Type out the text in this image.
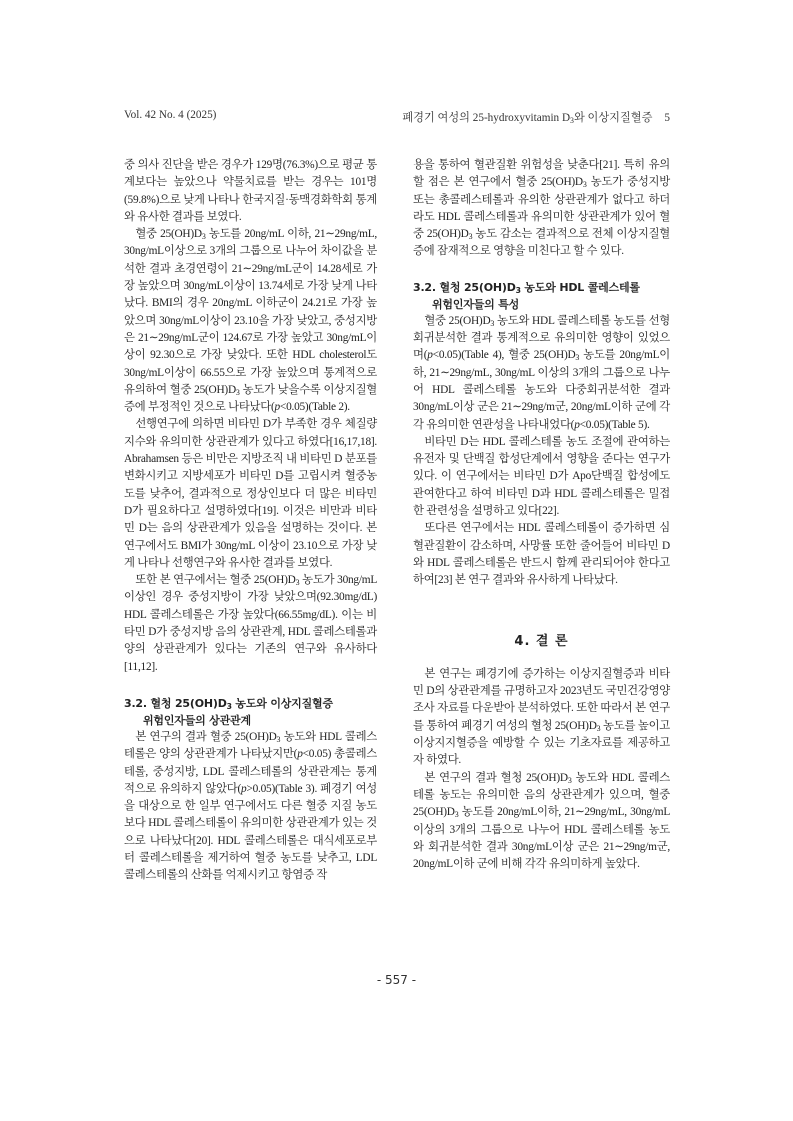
Vol. 42 No. 4 (2025)	폐경기 여성의 25-hydroxyvitamin $D_3$와 이상지질혈증 5

중 의사 진단을 받은 경우가 129명(76.3%)으로 평균 통계보다는 높았으나 약물치료를 받는 경우는 101명(59.8%)으로 낮게 나타나 한국지질·동맥경화학회 통계와 유사한 결과를 보였다.

혈중 $25(OH)D_3$ 농도를 20ng/mL 이하, 21∼29ng/mL, 30ng/mL이상으로 3개의 그룹으로 나누어 차이값을 분석한 결과 초경연령이 21∼29ng/mL군이 14.28세로 가장 높았으며 30ng/mL이상이 13.74세로 가장 낮게 나타났다. BMI의 경우 20ng/mL 이하군이 24.21로 가장 높았으며 30ng/mL이상이 23.10을 가장 낮았고, 중성지방은 21∼29ng/mL군이 124.67로 가장 높았고 30ng/mL이상이 92.30으로 가장 낮았다. 또한 HDL cholesterol도 30ng/mL이상이 66.55으로 가장 높았으며 통계적으로 유의하여 혈중 $25(OH)D_3$ 농도가 낮을수록 이상지질혈증에 부정적인 것으로 나타났다(p<0.05)(Table 2).

선행연구에 의하면 비타민 D가 부족한 경우 체질량 지수와 유의미한 상관관계가 있다고 하였다[16,17,18]. Abrahamsen 등은 비만은 지방조직 내 비타민 D 분포를 변화시키고 지방세포가 비타민 D를 고립시켜 혈중농도를 낮추어, 결과적으로 정상인보다 더 많은 비타민 D가 필요하다고 설명하였다[19]. 이것은 비만과 비타민 D는 음의 상관관계가 있음을 설명하는 것이다. 본 연구에서도 BMI가 30ng/mL 이상이 23.10으로 가장 낮게 나타나 선행연구와 유사한 결과를 보였다.

또한 본 연구에서는 혈중 $25(OH)D_3$ 농도가 30ng/mL 이상인 경우 중성지방이 가장 낮았으며(92.30mg/dL) HDL 콜레스테롤은 가장 높았다(66.55mg/dL). 이는 비타민 D가 중성지방 음의 상관관계, HDL 콜레스테롤과 양의 상관관계가 있다는 기존의 연구와 유사하다[11,12].

3.2. 혈청 $25(OH)D_3$ 농도와 이상지질혈증
위험인자들의 상관관계

본 연구의 결과 혈중 $25(OH)D_3$ 농도와 HDL 콜레스테롤은 양의 상관관계가 나타났지만(p<0.05) 총콜레스테롤, 중성지방, LDL 콜레스테롤의 상관관계는 통계적으로 유의하지 않았다(p>0.05)(Table 3). 폐경기 여성을 대상으로 한 일부 연구에서도 다른 혈중 지질 농도보다 HDL 콜레스테롤이 유의미한 상관관계가 있는 것으로 나타났다[20]. HDL 콜레스테롤은 대식세포로부터 콜레스테롤을 제거하여 혈중 농도를 낮추고, LDL 콜레스테롤의 산화를 억제시키고 항염증 작

용을 통하여 혈관질환 위험성을 낮춘다[21]. 특히 유의할 점은 본 연구에서 혈중 $25(OH)D_3$ 농도가 중성지방 또는 총콜레스테롤과 유의한 상관관계가 없다고 하더라도 HDL 콜레스테롤과 유의미한 상관관계가 있어 혈중 $25(OH)D_3$ 농도 감소는 결과적으로 전체 이상지질혈증에 잠재적으로 영향을 미친다고 할 수 있다.

3.2. 혈청 $25(OH)D_3$ 농도와 HDL 콜레스테롤
위험인자들의 특성

혈중 $25(OH)D_3$ 농도와 HDL 콜레스테롤 농도를 선형회귀분석한 결과 통계적으로 유의미한 영향이 있었으며(p<0.05)(Table 4), 혈중 $25(OH)D_3$ 농도를 20ng/mL이하, 21∼29ng/mL, 30ng/mL 이상의 3개의 그룹으로 나누어 HDL 콜레스테롤 농도와 다중회귀분석한 결과 30ng/mL이상 군은 21∼29ng/m군, 20ng/mL이하 군에 각각 유의미한 연관성을 나타내었다(p<0.05)(Table 5).

비타민 D는 HDL 콜레스테롤 농도 조절에 관여하는 유전자 및 단백질 합성단계에서 영향을 준다는 연구가 있다. 이 연구에서는 비타민 D가 Apo단백질 합성에도 관여한다고 하여 비타민 D과 HDL 콜레스테롤은 밀접한 관련성을 설명하고 있다[22].

또다른 연구에서는 HDL 콜레스테롤이 증가하면 심혈관질환이 감소하며, 사망률 또한 줄어들어 비타민 D와 HDL 콜레스테롤은 반드시 함께 관리되어야 한다고 하여[23] 본 연구 결과와 유사하게 나타났다.

4. 결 론

본 연구는 폐경기에 증가하는 이상지질혈증과 비타민 D의 상관관계를 규명하고자 2023년도 국민건강영양조사 자료를 다운받아 분석하였다. 또한 따라서 본 연구를 통하여 폐경기 여성의 혈청 $25(OH)D_3$ 농도를 높이고 이상지지혈증을 예방할 수 있는 기초자료를 제공하고자 하였다.

본 연구의 결과 혈청 $25(OH)D_3$ 농도와 HDL 콜레스테롤 농도는 유의미한 음의 상관관계가 있으며, 혈중 $25(OH)D_3$ 농도를 20ng/mL이하, 21∼29ng/mL, 30ng/mL이상의 3개의 그룹으로 나누어 HDL 콜레스테롤 농도와 회귀분석한 결과 30ng/mL이상 군은 21∼29ng/m군, 20ng/mL이하 군에 비해 각각 유의미하게 높았다.

- 557 -
